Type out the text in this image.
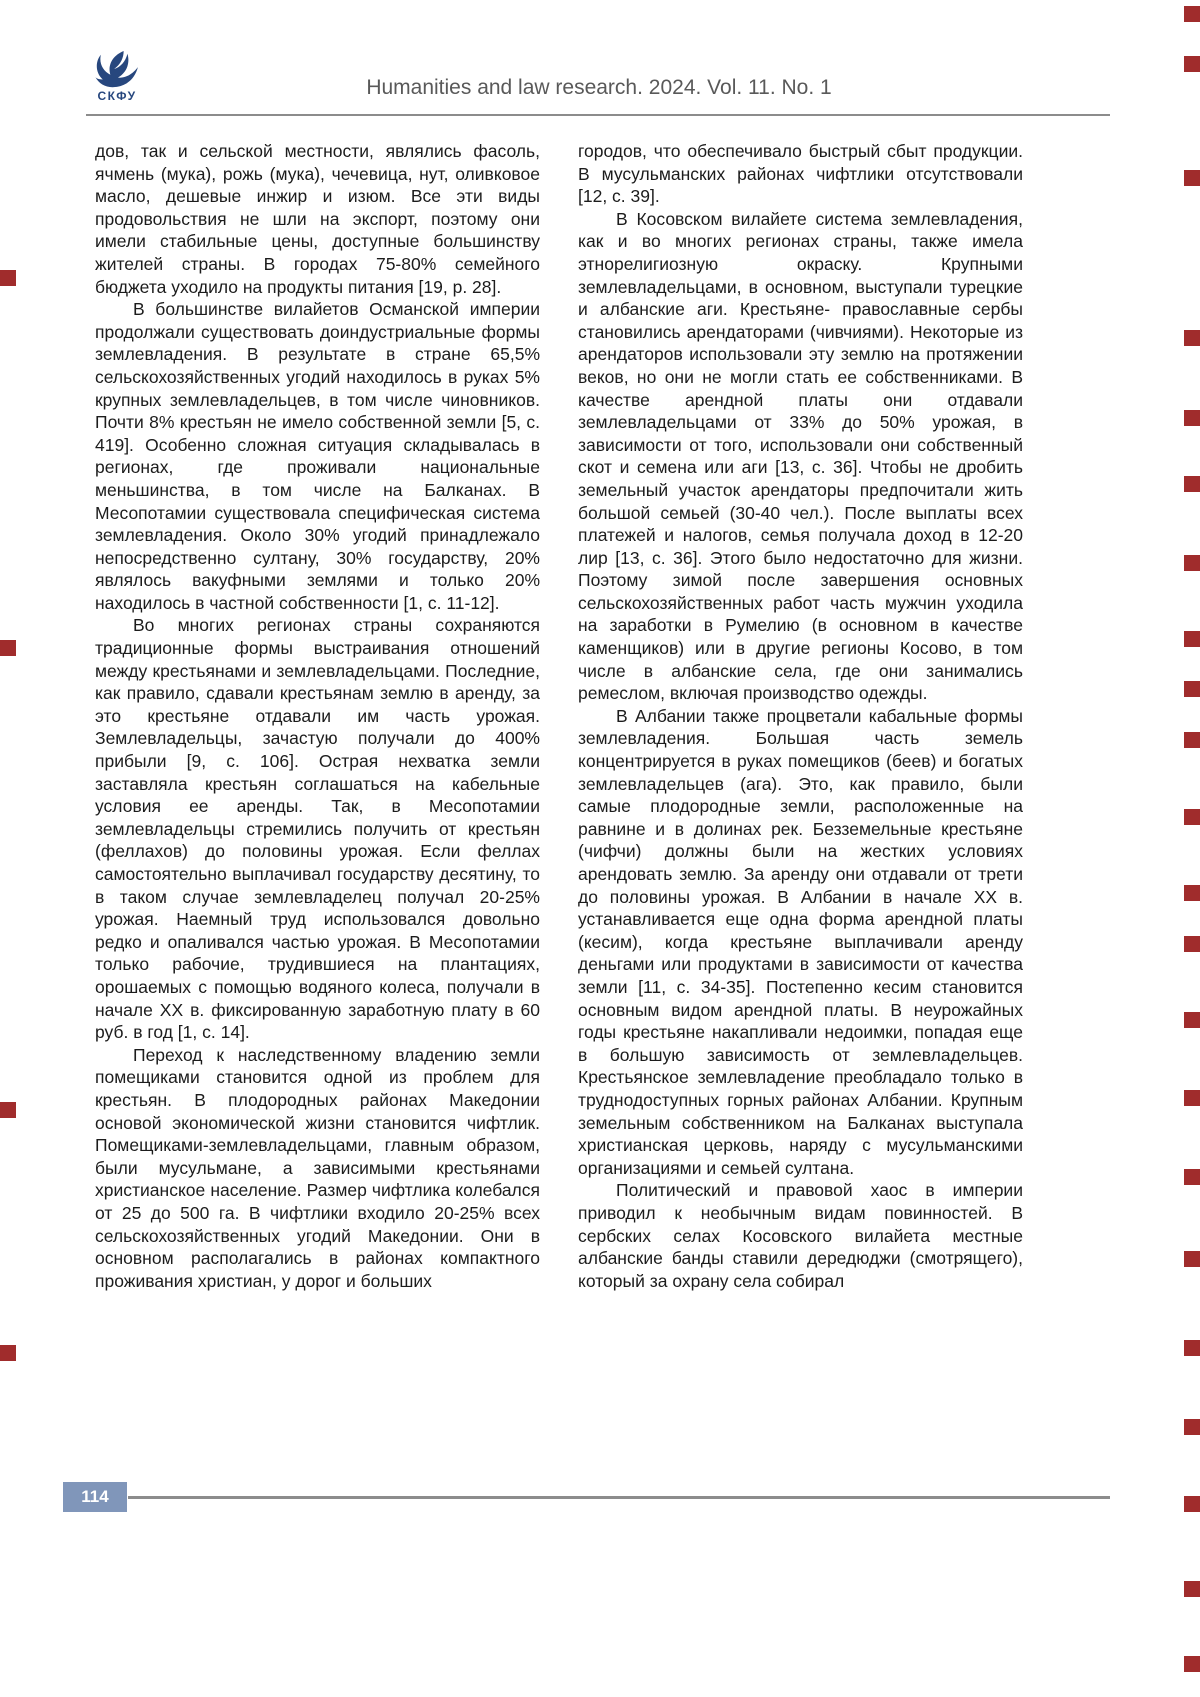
СКФУ	Humanities and law research. 2024. Vol. 11. No. 1

дов, так и сельской местности, являлись фасоль, ячмень (мука), рожь (мука), чечевица, нут, оливковое масло, дешевые инжир и изюм. Все эти виды продовольствия не шли на экспорт, поэтому они имели стабильные цены, доступные большинству жителей страны. В городах 75-80% семейного бюджета уходило на продукты питания [19, p. 28].

В большинстве вилайетов Османской империи продолжали существовать доиндустриальные формы землевладения. В результате в стране 65,5% сельскохозяйственных угодий находилось в руках 5% крупных землевладельцев, в том числе чиновников. Почти 8% крестьян не имело собственной земли [5, с. 419]. Особенно сложная ситуация складывалась в регионах, где проживали национальные меньшинства, в том числе на Балканах. В Месопотамии существовала специфическая система землевладения. Около 30% угодий принадлежало непосредственно султану, 30% государству, 20% являлось вакуфными землями и только 20% находилось в частной собственности [1, с. 11-12].

Во многих регионах страны сохраняются традиционные формы выстраивания отношений между крестьянами и землевладельцами. Последние, как правило, сдавали крестьянам землю в аренду, за это крестьяне отдавали им часть урожая. Землевладельцы, зачастую получали до 400% прибыли [9, с. 106]. Острая нехватка земли заставляла крестьян соглашаться на кабельные условия ее аренды. Так, в Месопотамии землевладельцы стремились получить от крестьян (феллахов) до половины урожая. Если феллах самостоятельно выплачивал государству десятину, то в таком случае землевладелец получал 20-25% урожая. Наемный труд использовался довольно редко и опаливался частью урожая. В Месопотамии только рабочие, трудившиеся на плантациях, орошаемых с помощью водяного колеса, получали в начале XX в. фиксированную заработную плату в 60 руб. в год [1, с. 14].

Переход к наследственному владению земли помещиками становится одной из проблем для крестьян. В плодородных районах Македонии основой экономической жизни становится чифтлик. Помещиками-землевладельцами, главным образом, были мусульмане, а зависимыми крестьянами христианское население. Размер чифтлика колебался от 25 до 500 га. В чифтлики входило 20-25% всех сельскохозяйственных угодий Македонии. Они в основном располагались в районах компактного проживания христиан, у дорог и больших

городов, что обеспечивало быстрый сбыт продукции. В мусульманских районах чифтлики отсутствовали [12, с. 39].

В Косовском вилайете система землевладения, как и во многих регионах страны, также имела этнорелигиозную окраску. Крупными землевладельцами, в основном, выступали турецкие и албанские аги. Крестьяне- православные сербы становились арендаторами (чивчиями). Некоторые из арендаторов использовали эту землю на протяжении веков, но они не могли стать ее собственниками. В качестве арендной платы они отдавали землевладельцами от 33% до 50% урожая, в зависимости от того, использовали они собственный скот и семена или аги [13, с. 36]. Чтобы не дробить земельный участок арендаторы предпочитали жить большой семьей (30-40 чел.). После выплаты всех платежей и налогов, семья получала доход в 12-20 лир [13, с. 36]. Этого было недостаточно для жизни. Поэтому зимой после завершения основных сельскохозяйственных работ часть мужчин уходила на заработки в Румелию (в основном в качестве каменщиков) или в другие регионы Косово, в том числе в албанские села, где они занимались ремеслом, включая производство одежды.

В Албании также процветали кабальные формы землевладения. Большая часть земель концентрируется в руках помещиков (беев) и богатых землевладельцев (ага). Это, как правило, были самые плодородные земли, расположенные на равнине и в долинах рек. Безземельные крестьяне (чифчи) должны были на жестких условиях арендовать землю. За аренду они отдавали от трети до половины урожая. В Албании в начале XX в. устанавливается еще одна форма арендной платы (кесим), когда крестьяне выплачивали аренду деньгами или продуктами в зависимости от качества земли [11, с. 34-35]. Постепенно кесим становится основным видом арендной платы. В неурожайных годы крестьяне накапливали недоимки, попадая еще в большую зависимость от землевладельцев. Крестьянское землевладение преобладало только в труднодоступных горных районах Албании. Крупным земельным собственником на Балканах выступала христианская церковь, наряду с мусульманскими организациями и семьей султана.

Политический и правовой хаос в империи приводил к необычным видам повинностей. В сербских селах Косовского вилайета местные албанские банды ставили дередюджи (смотрящего), который за охрану села собирал

114
